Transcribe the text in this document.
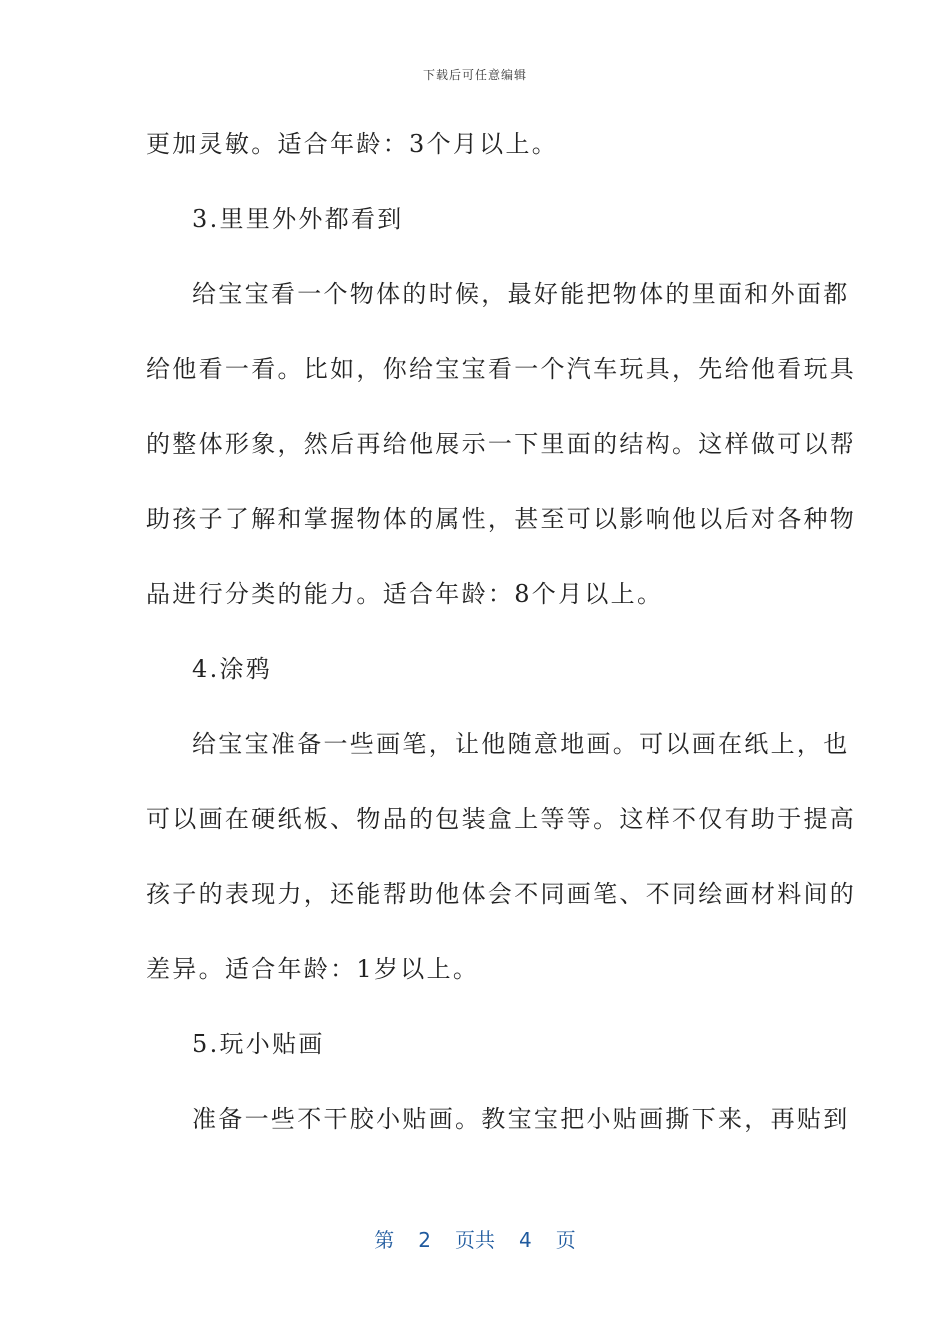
下载后可任意编辑
更加灵敏。适合年龄：3个月以上。
3.里里外外都看到
给宝宝看一个物体的时候，最好能把物体的里面和外面都
给他看一看。比如，你给宝宝看一个汽车玩具，先给他看玩具
的整体形象，然后再给他展示一下里面的结构。这样做可以帮
助孩子了解和掌握物体的属性，甚至可以影响他以后对各种物
品进行分类的能力。适合年龄：8个月以上。
4.涂鸦
给宝宝准备一些画笔，让他随意地画。可以画在纸上，也
可以画在硬纸板、物品的包装盒上等等。这样不仅有助于提高
孩子的表现力，还能帮助他体会不同画笔、不同绘画材料间的
差异。适合年龄：1岁以上。
5.玩小贴画
准备一些不干胶小贴画。教宝宝把小贴画撕下来，再贴到
第 2 页共 4 页
